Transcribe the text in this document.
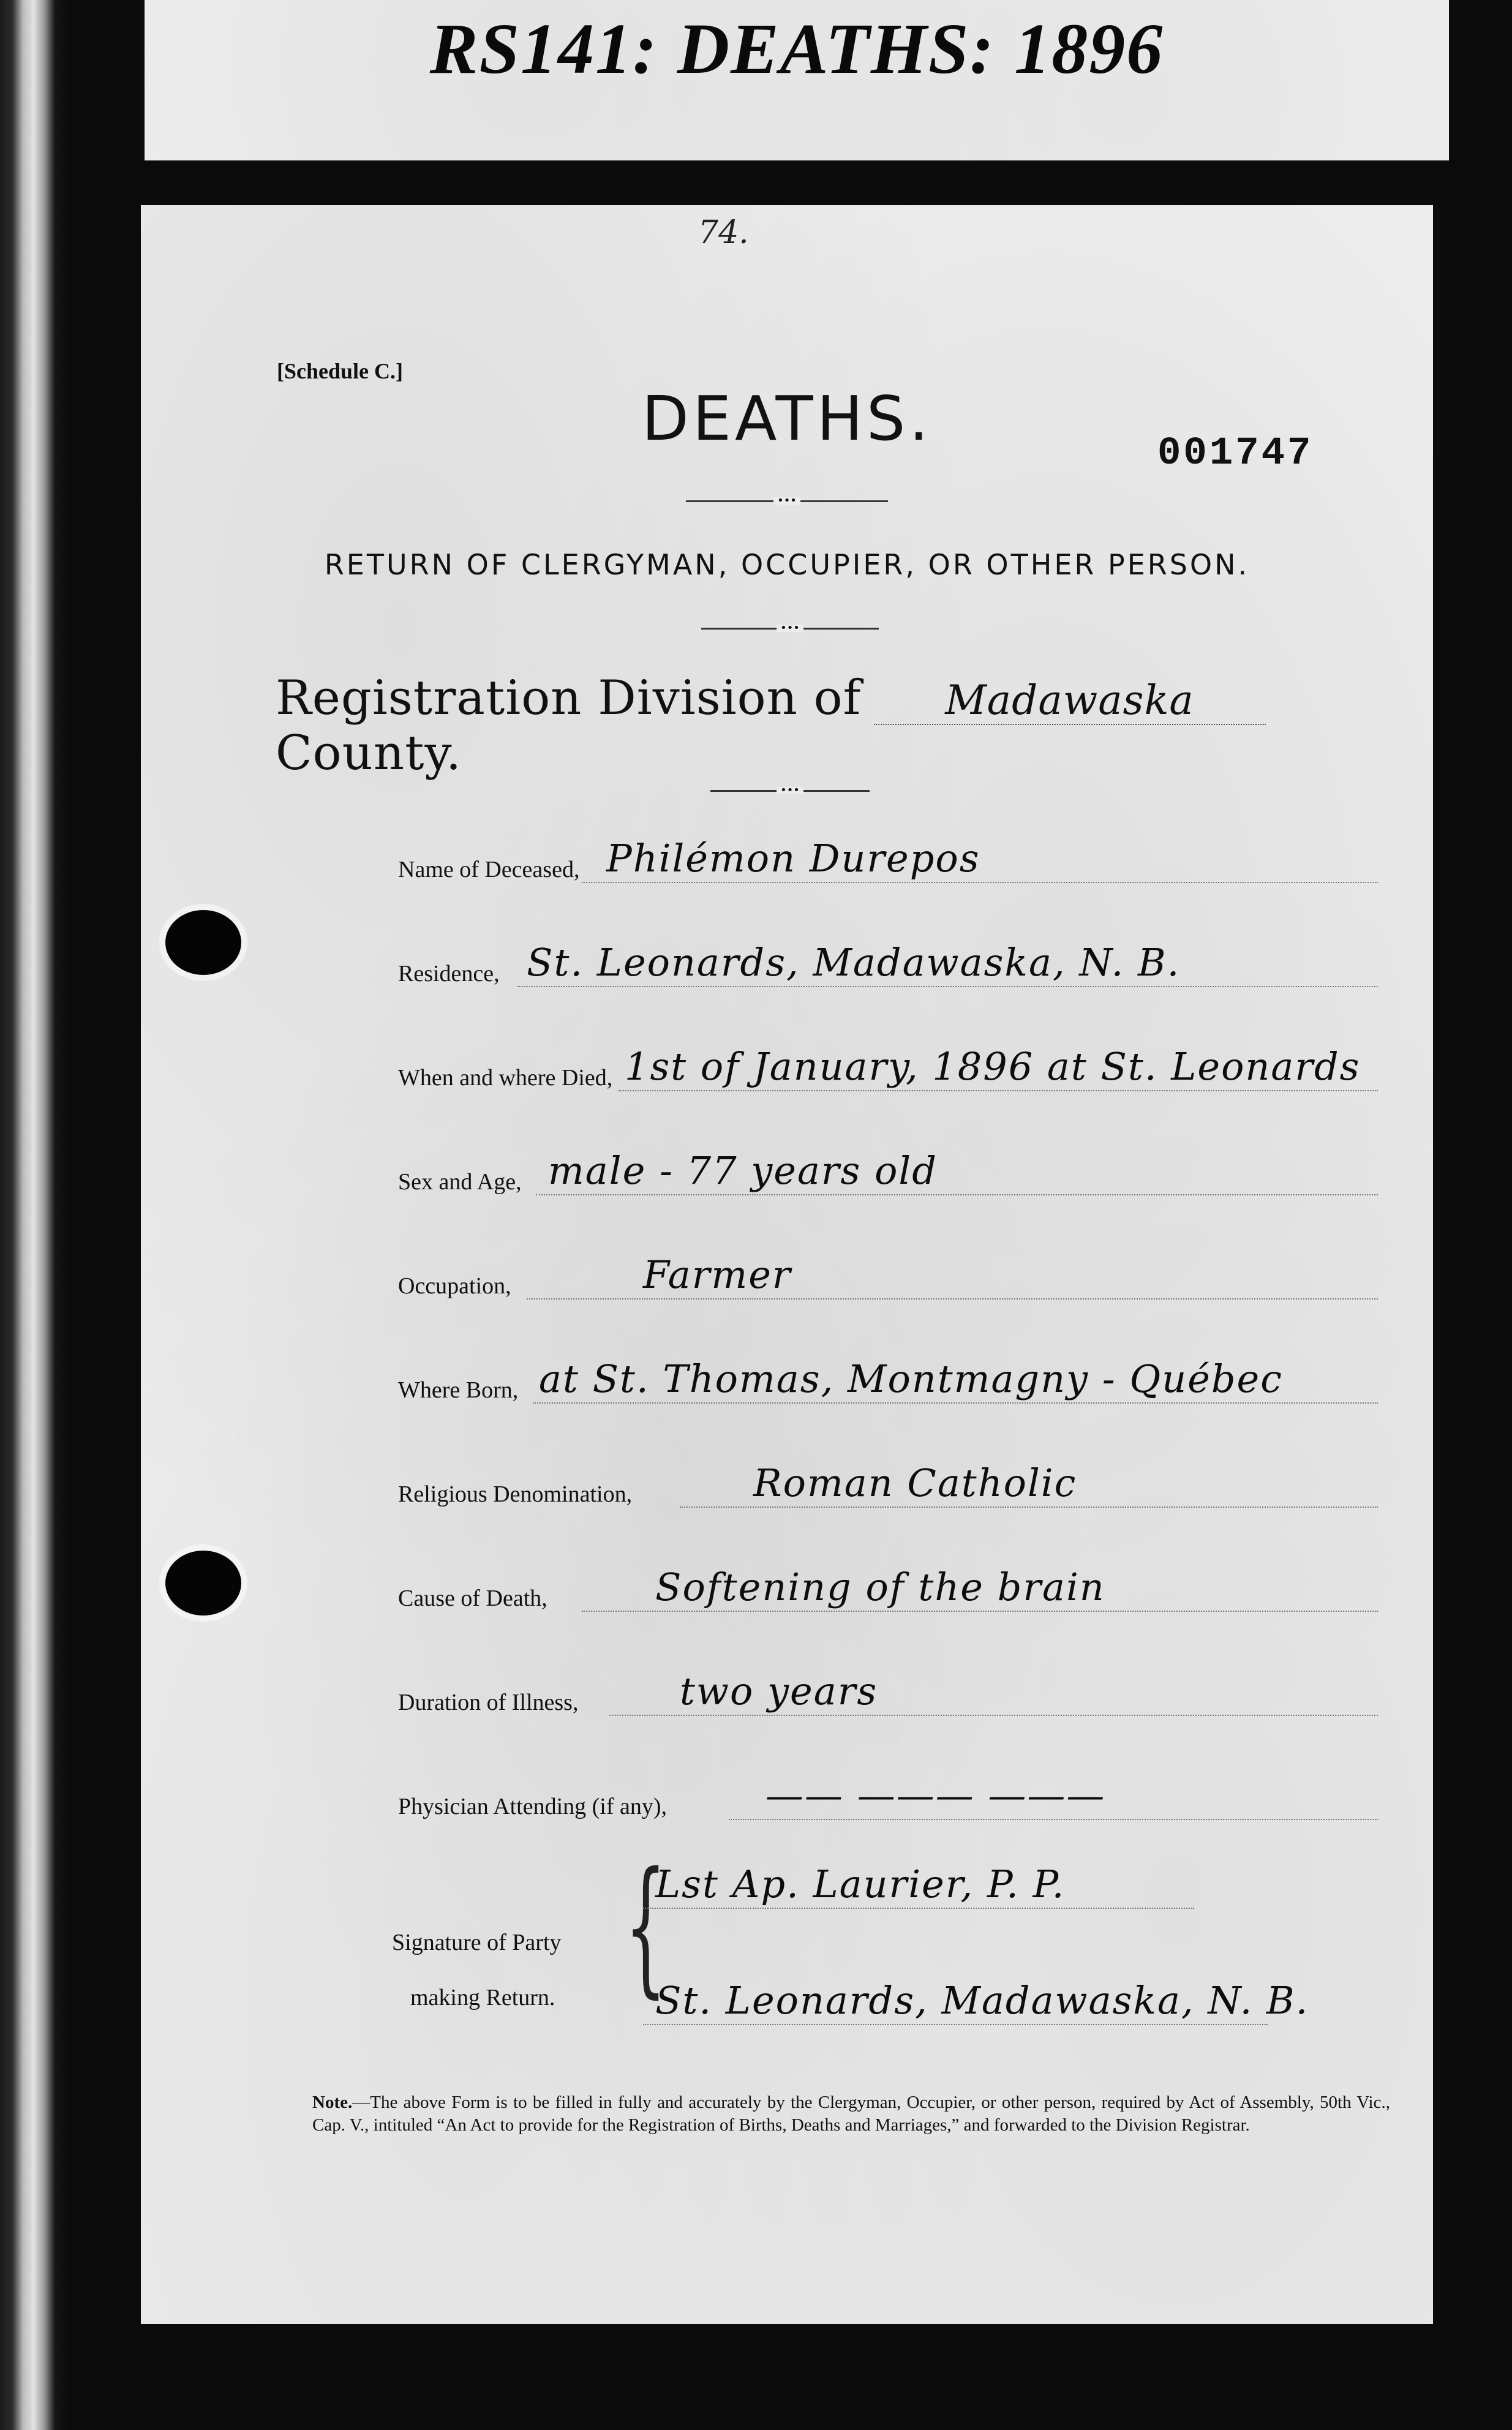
RS141: DEATHS: 1896
74.
[Schedule C.]
DEATHS.	001747
•••
RETURN OF CLERGYMAN, OCCUPIER, OR OTHER PERSON.
•••
Registration Division of MadawaskaCounty.
•••
Name of Deceased, Philémon Durepos
Residence, St. Leonards, Madawaska, N. B.
When and where Died, 1st of January, 1896 at St. Leonards
Sex and Age, male - 77 years old
Occupation,	Farmer
Where Born, at St. Thomas, Montmagny - Québec
Religious Denomination,	Roman Catholic
Cause of Death,	Softening of the brain
Duration of Illness,	two years
Physician Attending (if any),	—— ——— ———
Signature of Party
making Return. {
Lst Ap. Laurier, P. P.
St. Leonards, Madawaska, N. B.
Note.—The above Form is to be filled in fully and accurately by the Clergyman, Occupier, or other person, required by Act of Assembly, 50th Vic., Cap. V., intituled “An Act to provide for the Registration of Births, Deaths and Marriages,” and forwarded to the Division Registrar.
